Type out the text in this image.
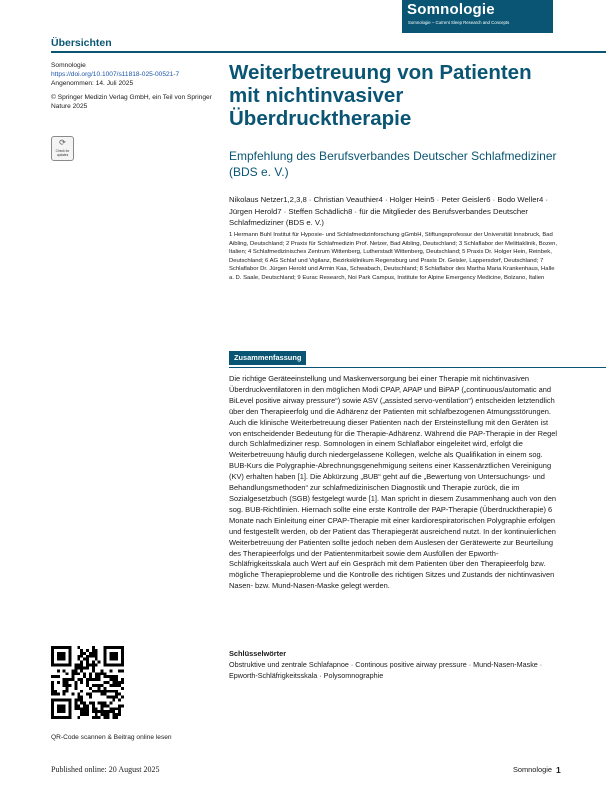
Somnologie
Somnologie – Current Sleep Research and Concepts
Übersichten
Somnologie
https://doi.org/10.1007/s11818-025-00521-7
Angenommen: 14. Juli 2025
© Springer Medizin Verlag GmbH, ein Teil von Springer Nature 2025
⟳
Check for updates
Weiterbetreuung von Patienten mit nichtinvasiver Überdrucktherapie
Empfehlung des Berufsverbandes Deutscher Schlafmediziner (BDS e. V.)
Nikolaus Netzer1,2,3,8 · Christian Veauthier4 · Holger Hein5 · Peter Geisler6 · Bodo Weller4 · Jürgen Herold7 · Steffen Schädlich8 · für die Mitglieder des Berufsverbandes Deutscher Schlafmediziner (BDS e. V.)
1 Hermann Buhl Institut für Hypoxie- und Schlafmedizinforschung gGmbH, Stiftungsprofessur der Universität Innsbruck, Bad Aibling, Deutschland; 2 Praxis für Schlafmedizin Prof. Netzer, Bad Aibling, Deutschland; 3 Schlaflabor der Melittaklinik, Bozen, Italien; 4 Schlafmedizinisches Zentrum Wittenberg, Lutherstadt Wittenberg, Deutschland; 5 Praxis Dr. Holger Hein, Reinbek, Deutschland; 6 AG Schlaf und Vigilanz, Bezirksklinikum Regensburg und Praxis Dr. Geisler, Lappersdorf, Deutschland; 7 Schlaflabor Dr. Jürgen Herold und Armin Kaa, Schwabach, Deutschland; 8 Schlaflabor des Martha Maria Krankenhaus, Halle a. D. Saale, Deutschland; 9 Eurac Research, Noi Park Campus, Institute for Alpine Emergency Medicine, Bolzano, Italien
Zusammenfassung

Die richtige Geräteeinstellung und Maskenversorgung bei einer Therapie mit nichtinvasiven Überdruckventilatoren in den möglichen Modi CPAP, APAP und BiPAP („continuous/automatic and BiLevel positive airway pressure“) sowie ASV („assisted servo-ventilation“) entscheiden letztendlich über den Therapieerfolg und die Adhärenz der Patienten mit schlafbezogenen Atmungsstörungen. Auch die klinische Weiterbetreuung dieser Patienten nach der Ersteinstellung mit den Geräten ist von entscheidender Bedeutung für die Therapie-Adhärenz. Während die PAP-Therapie in der Regel durch Schlafmediziner resp. Somnologen in einem Schlaflabor eingeleitet wird, erfolgt die Weiterbetreuung häufig durch niedergelassene Kollegen, welche als Qualifikation in einem sog. BUB-Kurs die Polygraphie-Abrechnungsgenehmigung seitens einer Kassenärztlichen Vereinigung (KV) erhalten haben [1]. Die Abkürzung „BUB“ geht auf die „Bewertung von Untersuchungs- und Behandlungsmethoden“ zur schlafmedizinischen Diagnostik und Therapie zurück, die im Sozialgesetzbuch (SGB) festgelegt wurde [1]. Man spricht in diesem Zusammenhang auch von den sog. BUB-Richtlinien. Hiernach sollte eine erste Kontrolle der PAP-Therapie (Überdrucktherapie) 6 Monate nach Einleitung einer CPAP-Therapie mit einer kardiorespiratorischen Polygraphie erfolgen und festgestellt werden, ob der Patient das Therapiegerät ausreichend nutzt. In der kontinuierlichen Weiterbetreuung der Patienten sollte jedoch neben dem Auslesen der Gerätewerte zur Beurteilung des Therapieerfolgs und der Patientenmitarbeit sowie dem Ausfüllen der Epworth-Schläfrigkeitsskala auch Wert auf ein Gespräch mit dem Patienten über den Therapieerfolg bzw. mögliche Therapieprobleme und die Kontrolle des richtigen Sitzes und Zustands der nichtinvasiven Nasen- bzw. Mund-Nasen-Maske gelegt werden.

Schlüsselwörter
Obstruktive und zentrale Schlafapnoe · Continous positive airway pressure · Mund-Nasen-Maske · Epworth-Schläfrigkeitsskala · Polysomnographie
QR-Code scannen & Beitrag online lesen
Published online: 20 August 2025	Somnologie 1
